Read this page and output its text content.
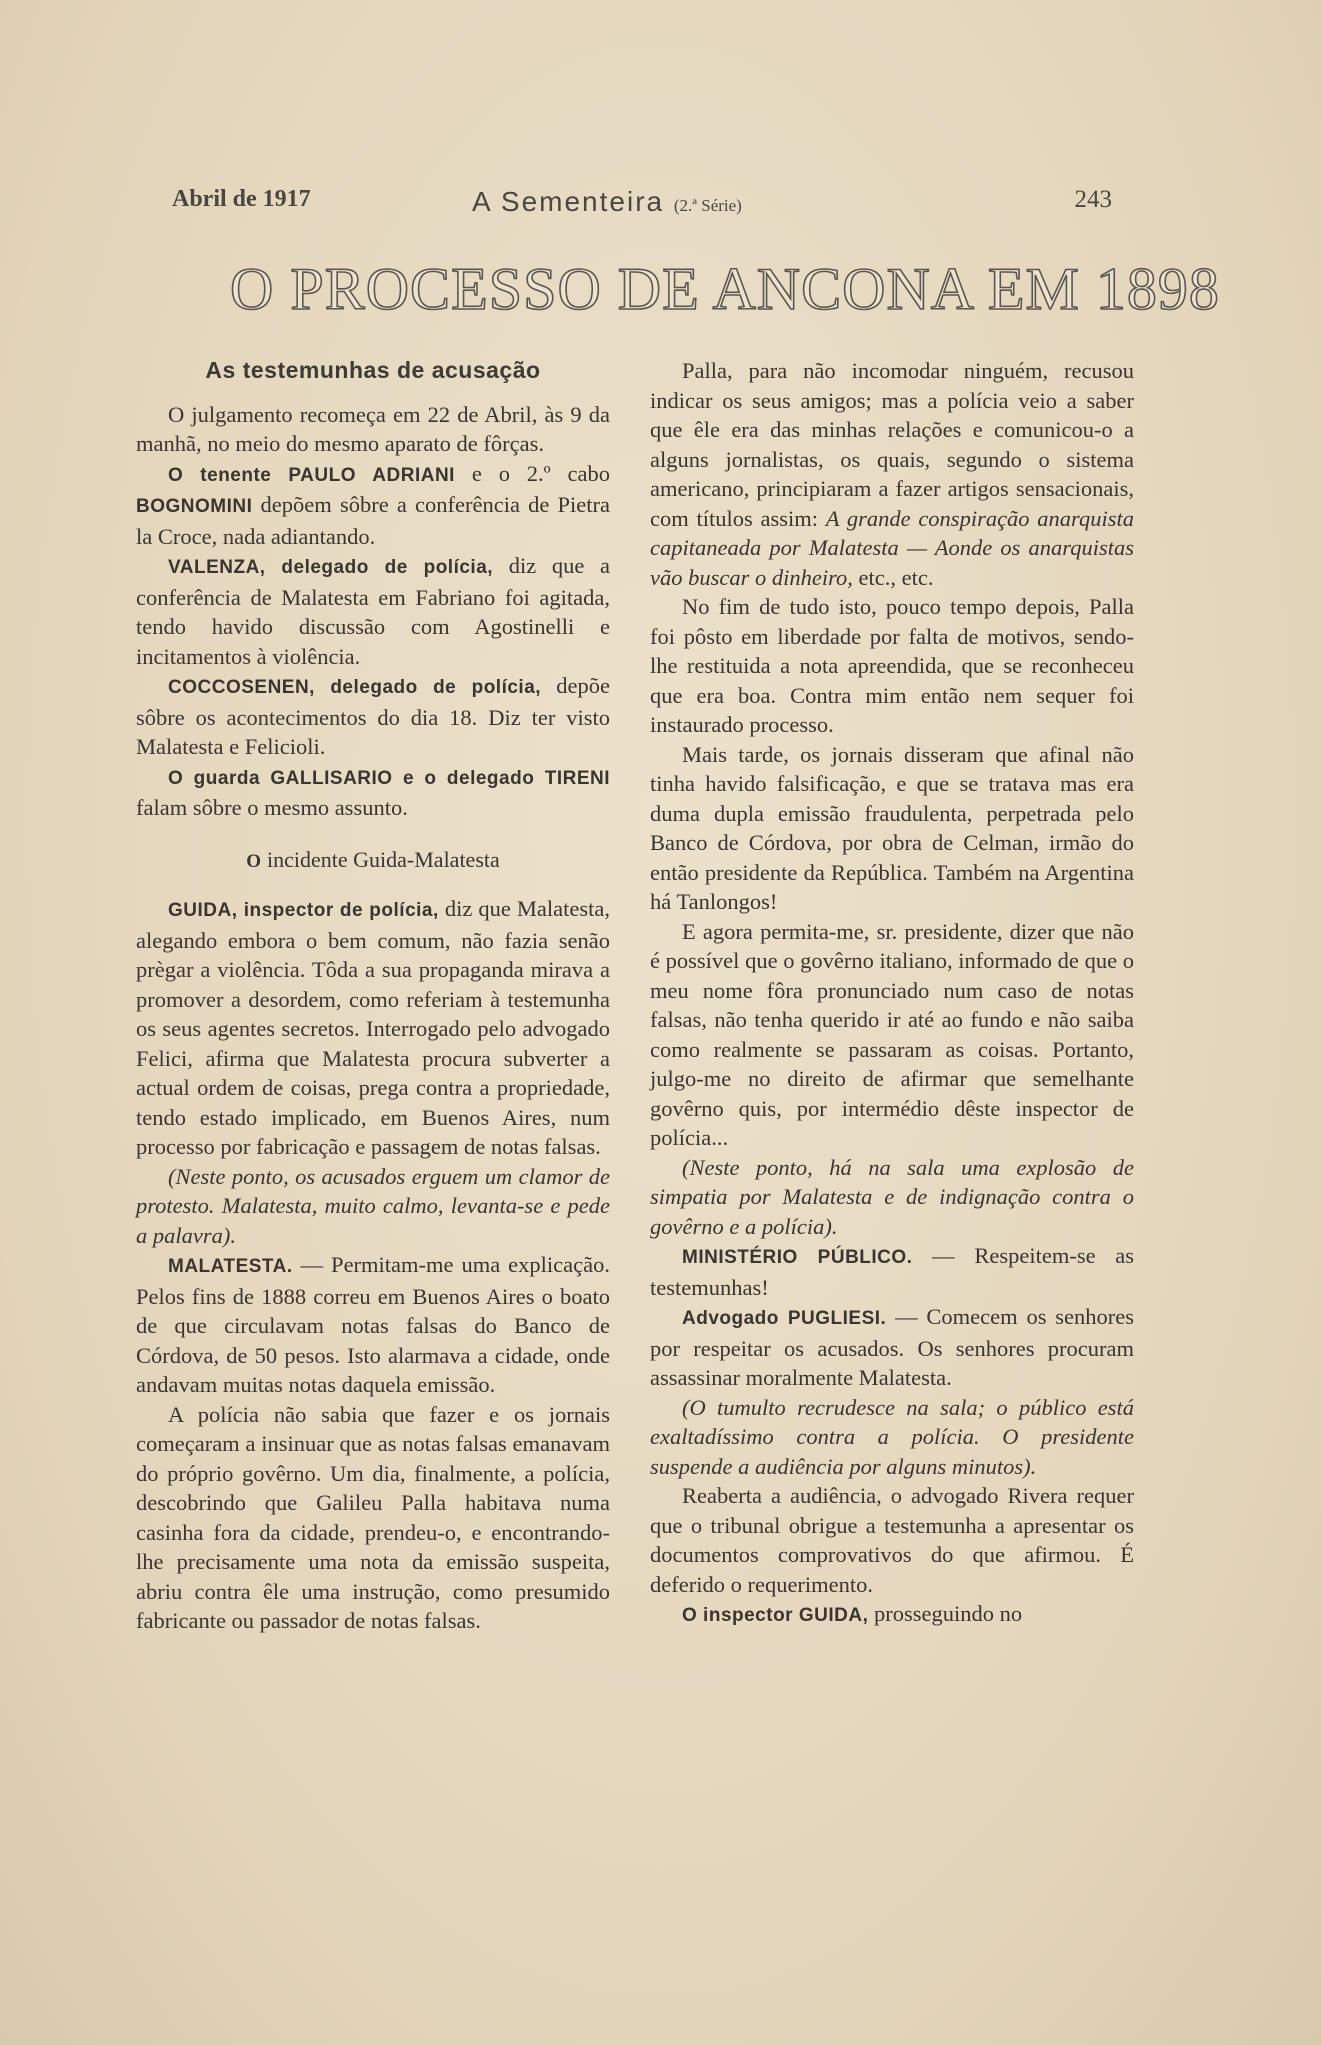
Abril de 1917	A Sementeira (2.ª Série)	243
O PROCESSO DE ANCONA EM 1898
As testemunhas de acusação

O julgamento recomeça em 22 de Abril, às 9 da manhã, no meio do mesmo aparato de fôrças.

O tenente PAULO ADRIANI e o 2.º cabo BOGNOMINI depõem sôbre a conferência de Pietra la Croce, nada adiantando.

VALENZA, delegado de polícia, diz que a conferência de Malatesta em Fabriano foi agitada, tendo havido discussão com Agostinelli e incitamentos à violência.

COCCOSENEN, delegado de polícia, depõe sôbre os acontecimentos do dia 18. Diz ter visto Malatesta e Felicioli.

O guarda GALLISARIO e o delegado TIRENI falam sôbre o mesmo assunto.

O incidente Guida-Malatesta

GUIDA, inspector de polícia, diz que Malatesta, alegando embora o bem comum, não fazia senão prègar a violência. Tôda a sua propaganda mirava a promover a desordem, como referiam à testemunha os seus agentes secretos. Interrogado pelo advogado Felici, afirma que Malatesta procura subverter a actual ordem de coisas, prega contra a propriedade, tendo estado implicado, em Buenos Aires, num processo por fabricação e passagem de notas falsas.

(Neste ponto, os acusados erguem um clamor de protesto. Malatesta, muito calmo, levanta-se e pede a palavra).

MALATESTA. — Permitam-me uma explicação. Pelos fins de 1888 correu em Buenos Aires o boato de que circulavam notas falsas do Banco de Córdova, de 50 pesos. Isto alarmava a cidade, onde andavam muitas notas daquela emissão.

A polícia não sabia que fazer e os jornais começaram a insinuar que as notas falsas emanavam do próprio govêrno. Um dia, finalmente, a polícia, descobrindo que Galileu Palla habitava numa casinha fora da cidade, prendeu-o, e encontrando-lhe precisamente uma nota da emissão suspeita, abriu contra êle uma instrução, como presumido fabricante ou passador de notas falsas.

Palla, para não incomodar ninguém, recusou indicar os seus amigos; mas a polícia veio a saber que êle era das minhas relações e comunicou-o a alguns jornalistas, os quais, segundo o sistema americano, principiaram a fazer artigos sensacionais, com títulos assim: A grande conspiração anarquista capitaneada por Malatesta — Aonde os anarquistas vão buscar o dinheiro, etc., etc.

No fim de tudo isto, pouco tempo depois, Palla foi pôsto em liberdade por falta de motivos, sendo-lhe restituida a nota apreendida, que se reconheceu que era boa. Contra mim então nem sequer foi instaurado processo.

Mais tarde, os jornais disseram que afinal não tinha havido falsificação, e que se tratava mas era duma dupla emissão fraudulenta, perpetrada pelo Banco de Córdova, por obra de Celman, irmão do então presidente da República. Também na Argentina há Tanlongos!

E agora permita-me, sr. presidente, dizer que não é possível que o govêrno italiano, informado de que o meu nome fôra pronunciado num caso de notas falsas, não tenha querido ir até ao fundo e não saiba como realmente se passaram as coisas. Portanto, julgo-me no direito de afirmar que semelhante govêrno quis, por intermédio dêste inspector de polícia...

(Neste ponto, há na sala uma explosão de simpatia por Malatesta e de indignação contra o govêrno e a polícia).

MINISTÉRIO PÚBLICO. — Respeitem-se as testemunhas!

Advogado PUGLIESI. — Comecem os senhores por respeitar os acusados. Os senhores procuram assassinar moralmente Malatesta.

(O tumulto recrudesce na sala; o público está exaltadíssimo contra a polícia. O presidente suspende a audiência por alguns minutos).

Reaberta a audiência, o advogado Rivera requer que o tribunal obrigue a testemunha a apresentar os documentos comprovativos do que afirmou. É deferido o requerimento.

O inspector GUIDA, prosseguindo no
